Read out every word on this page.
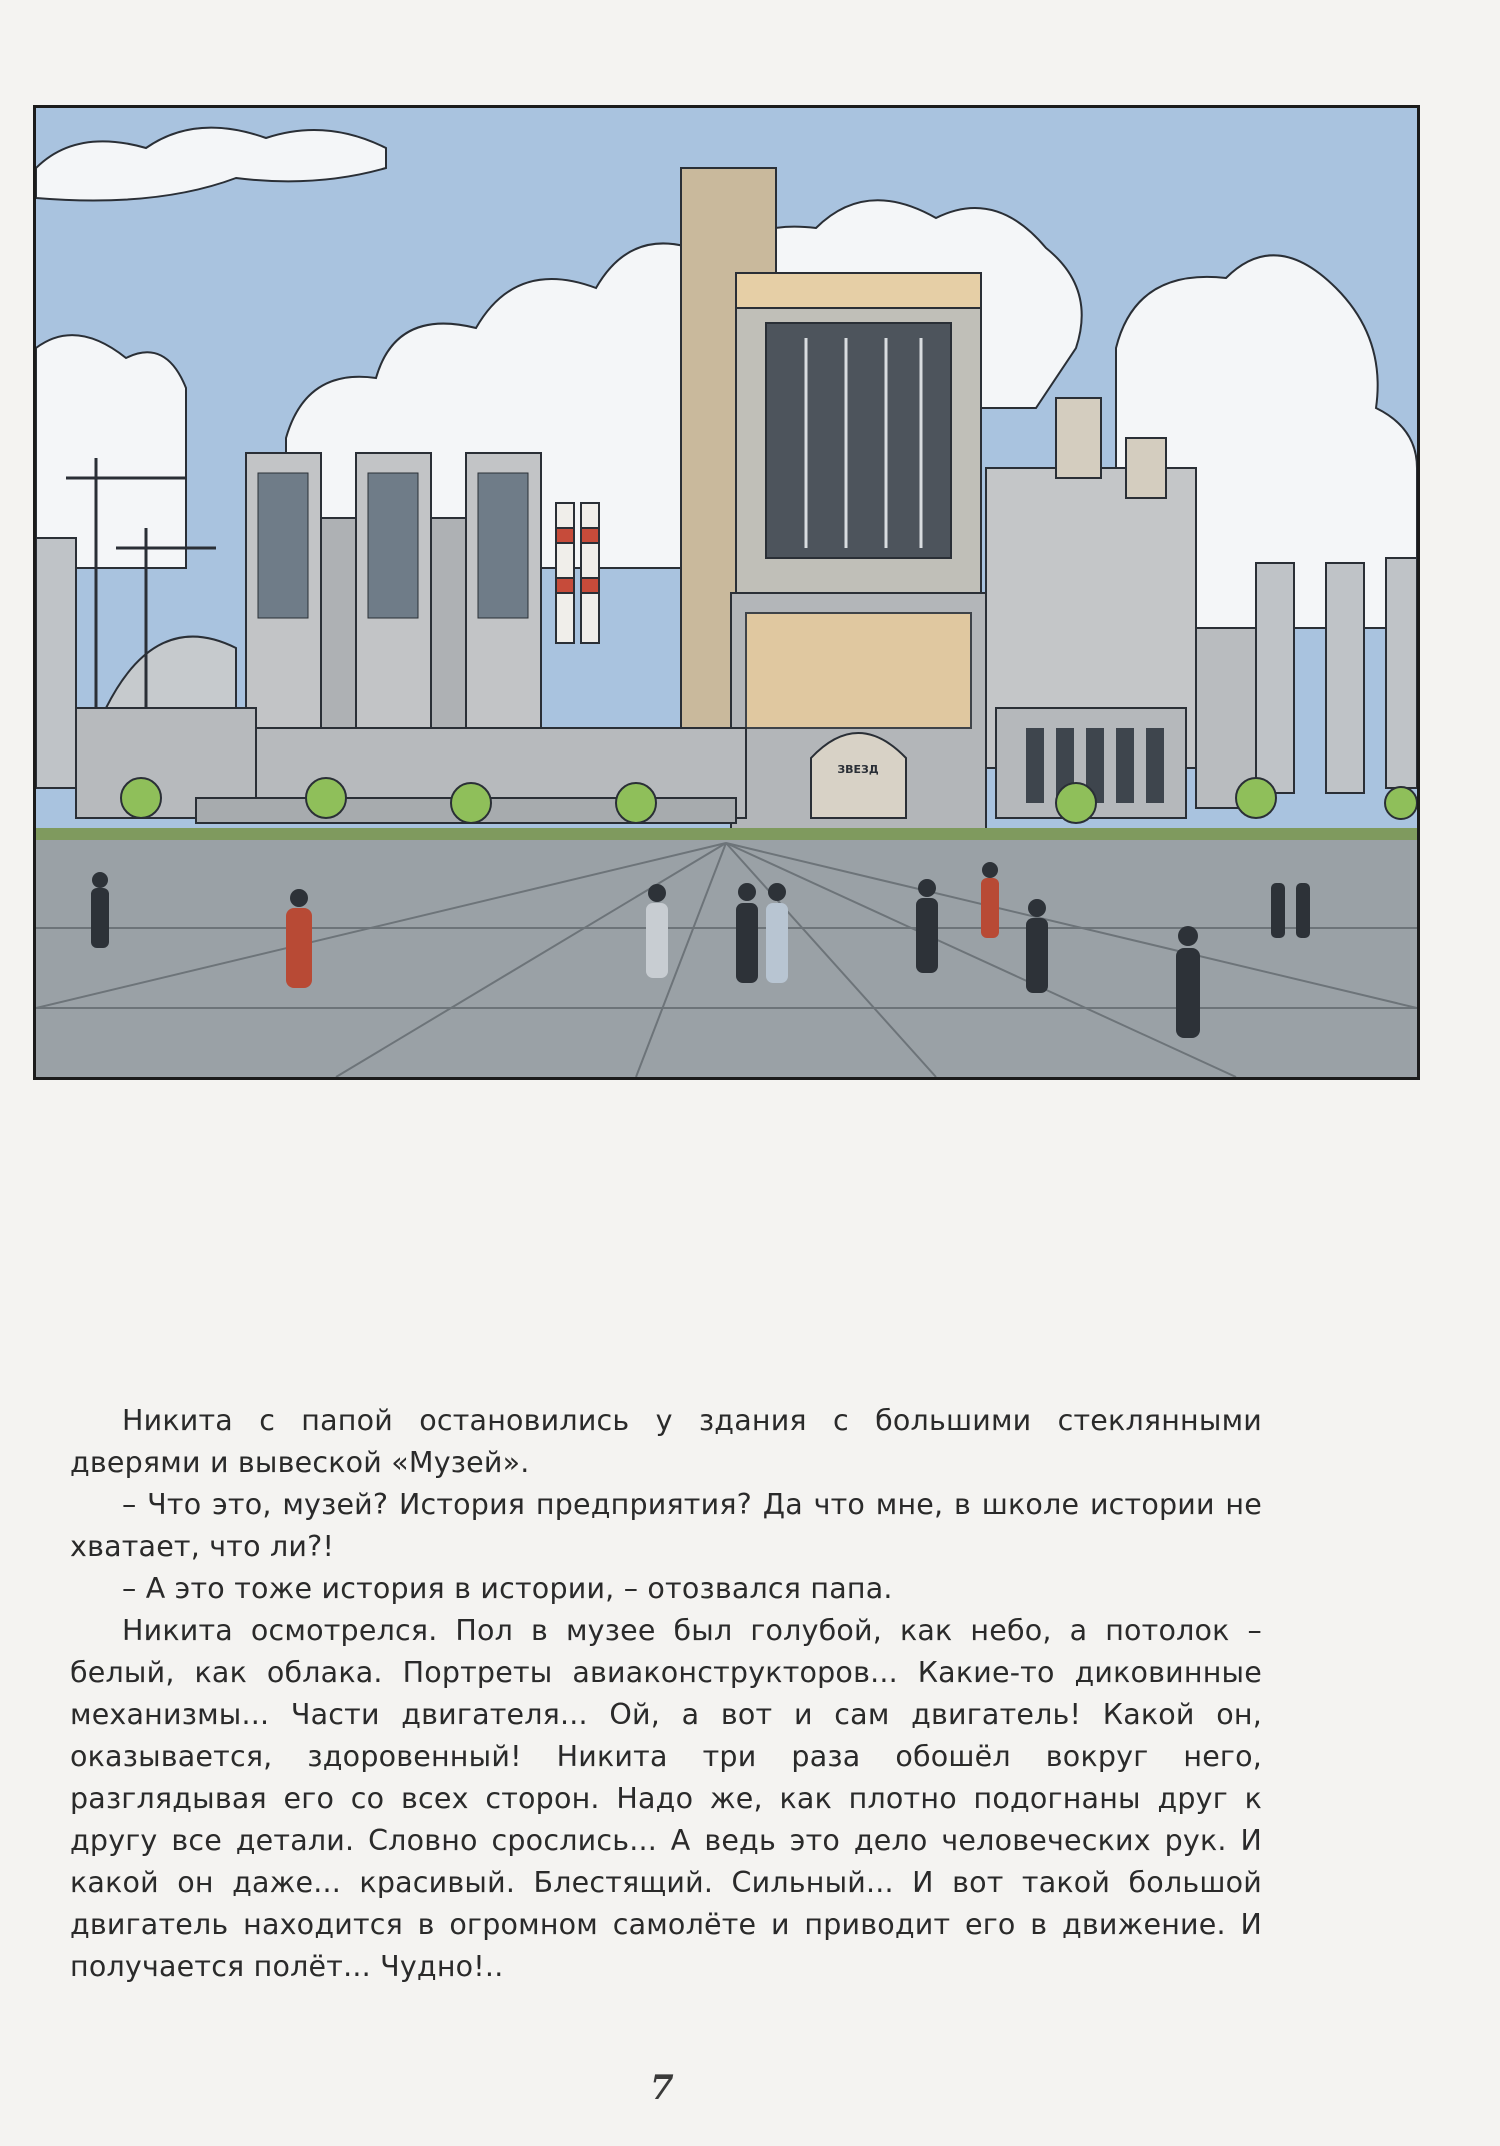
ЗВЕЗД

Никита с папой остановились у здания с большими стеклянными дверями и вывеской «Музей».

– Что это, музей? История предприятия? Да что мне, в школе истории не хватает, что ли?!

– А это тоже история в истории, – отозвался папа.

Никита осмотрелся. Пол в музее был голубой, как небо, а потолок – белый, как облака. Портреты авиаконструкторов... Какие-то диковинные механизмы... Части двигателя... Ой, а вот и сам двигатель! Какой он, оказывается, здоровенный! Никита три раза обошёл вокруг него, разглядывая его со всех сторон. Надо же, как плотно подогнаны друг к другу все детали. Словно срослись... А ведь это дело человеческих рук. И какой он даже... красивый. Блестящий. Сильный... И вот такой большой двигатель находится в огромном самолёте и приводит его в движение. И получается полёт... Чудно!..

7
